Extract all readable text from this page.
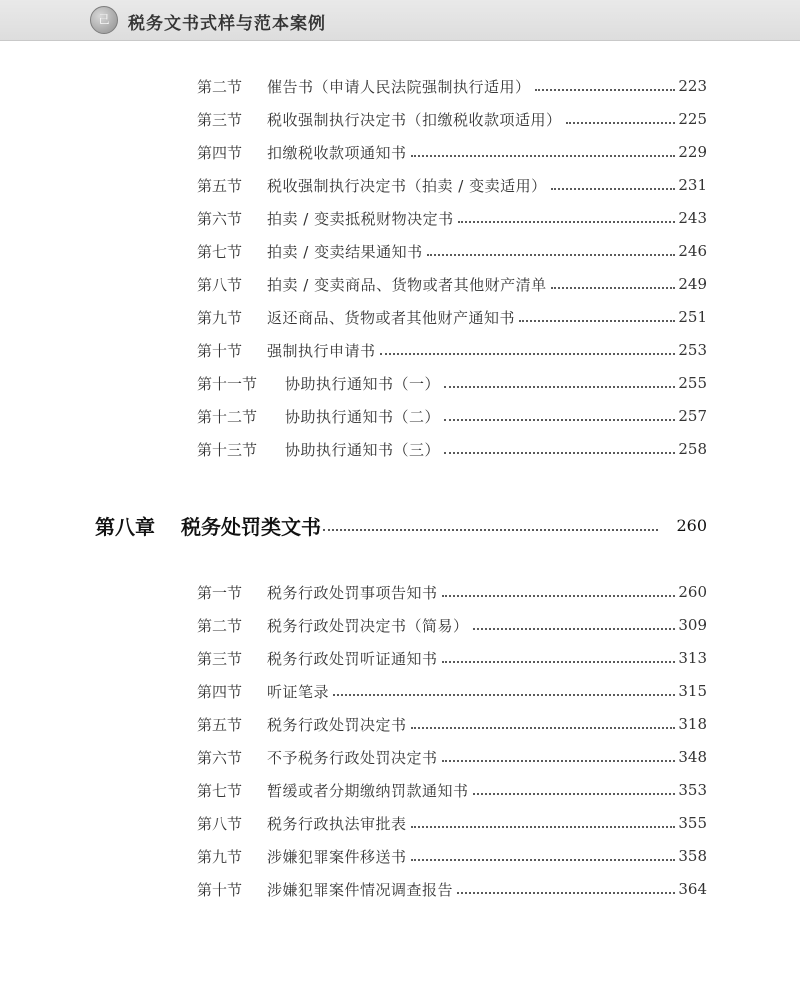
己	税务文书式样与范本案例
第二节	催告书（申请人民法院强制执行适用）	223
第三节	税收强制执行决定书（扣缴税收款项适用）	225
第四节	扣缴税收款项通知书	229
第五节	税收强制执行决定书（拍卖 / 变卖适用）	231
第六节	拍卖 / 变卖抵税财物决定书	243
第七节	拍卖 / 变卖结果通知书	246
第八节	拍卖 / 变卖商品、货物或者其他财产清单	249
第九节	返还商品、货物或者其他财产通知书	251
第十节	强制执行申请书	253
第十一节	协助执行通知书（一）	255
第十二节	协助执行通知书（二）	257
第十三节	协助执行通知书（三）	258
第八章	税务处罚类文书	260
第一节	税务行政处罚事项告知书	260
第二节	税务行政处罚决定书（简易）	309
第三节	税务行政处罚听证通知书	313
第四节	听证笔录	315
第五节	税务行政处罚决定书	318
第六节	不予税务行政处罚决定书	348
第七节	暂缓或者分期缴纳罚款通知书	353
第八节	税务行政执法审批表	355
第九节	涉嫌犯罪案件移送书	358
第十节	涉嫌犯罪案件情况调查报告	364
